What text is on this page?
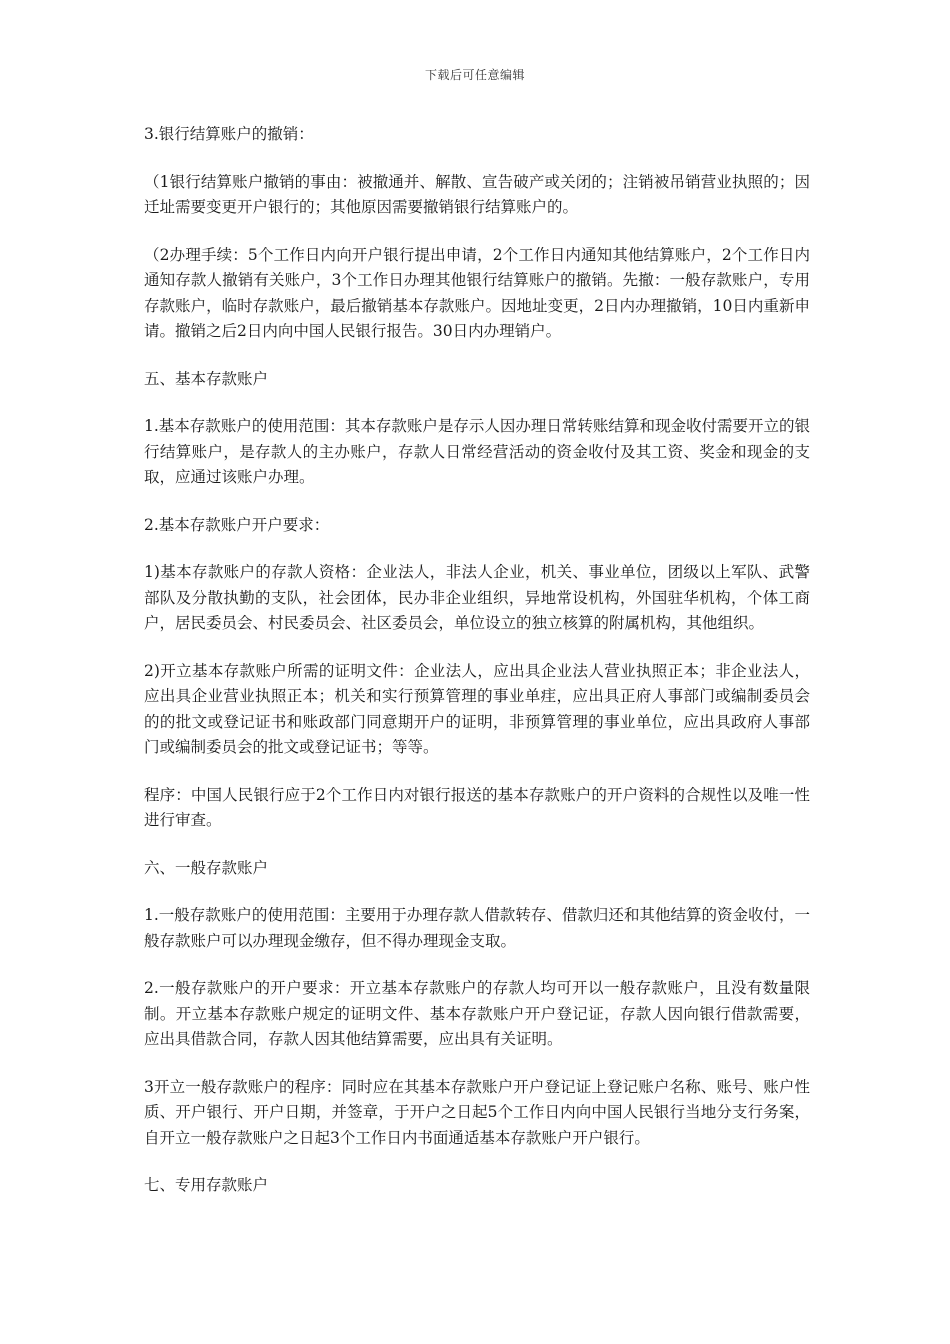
下载后可任意编辑

3.银行结算账户的撤销：

（1银行结算账户撤销的事由：被撤通并、解散、宣告破产或关闭的；注销被吊销营业执照的；因迁址需要变更开户银行的；其他原因需要撤销银行结算账户的。

（2办理手续：5个工作日内向开户银行提出申请，2个工作日内通知其他结算账户，2个工作日内通知存款人撤销有关账户，3个工作日办理其他银行结算账户的撤销。先撤：一般存款账户，专用存款账户，临时存款账户，最后撤销基本存款账户。因地址变更，2日内办理撤销，10日内重新申请。撤销之后2日内向中国人民银行报告。30日内办理销户。

五、基本存款账户

1.基本存款账户的使用范围：其本存款账户是存示人因办理日常转账结算和现金收付需要开立的银行结算账户，是存款人的主办账户，存款人日常经营活动的资金收付及其工资、奖金和现金的支取，应通过该账户办理。

2.基本存款账户开户要求：

1)基本存款账户的存款人资格：企业法人，非法人企业，机关、事业单位，团级以上军队、武警部队及分散执勤的支队，社会团体，民办非企业组织，异地常设机构，外国驻华机构，个体工商户，居民委员会、村民委员会、社区委员会，单位设立的独立核算的附属机构，其他组织。

2)开立基本存款账户所需的证明文件：企业法人，应出具企业法人营业执照正本；非企业法人，应出具企业营业执照正本；机关和实行预算管理的事业单疰，应出具正府人事部门或编制委员会的的批文或登记证书和账政部门同意期开户的证明，非预算管理的事业单位，应出具政府人事部门或编制委员会的批文或登记证书；等等。

程序：中国人民银行应于2个工作日内对银行报送的基本存款账户的开户资料的合规性以及唯一性进行审查。

六、一般存款账户

1.一般存款账户的使用范围：主要用于办理存款人借款转存、借款归还和其他结算的资金收付，一般存款账户可以办理现金缴存，但不得办理现金支取。

2.一般存款账户的开户要求：开立基本存款账户的存款人均可开以一般存款账户，且没有数量限制。开立基本存款账户规定的证明文件、基本存款账户开户登记证，存款人因向银行借款需要，应出具借款合同，存款人因其他结算需要，应出具有关证明。

3开立一般存款账户的程序：同时应在其基本存款账户开户登记证上登记账户名称、账号、账户性质、开户银行、开户日期，并签章，于开户之日起5个工作日内向中国人民银行当地分支行务案，自开立一般存款账户之日起3个工作日内书面通适基本存款账户开户银行。

七、专用存款账户
